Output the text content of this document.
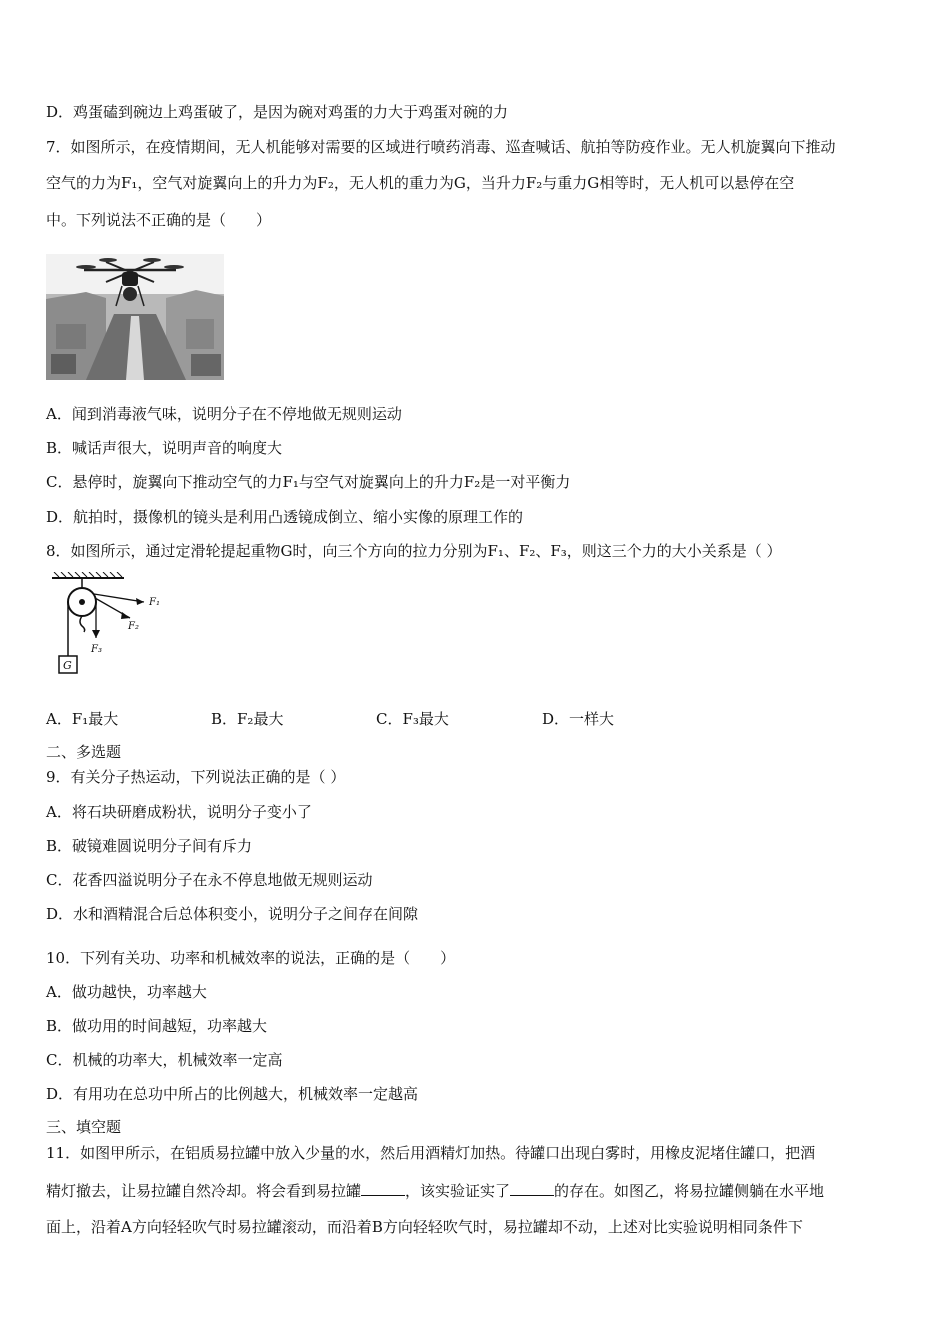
D．鸡蛋磕到碗边上鸡蛋破了，是因为碗对鸡蛋的力大于鸡蛋对碗的力
7．如图所示，在疫情期间，无人机能够对需要的区域进行喷药消毒、巡查喊话、航拍等防疫作业。无人机旋翼向下推动
空气的力为F₁，空气对旋翼向上的升力为F₂，无人机的重力为G，当升力F₂与重力G相等时，无人机可以悬停在空
中。下列说法不正确的是（　　）
A．闻到消毒液气味，说明分子在不停地做无规则运动
B．喊话声很大，说明声音的响度大
C．悬停时，旋翼向下推动空气的力F₁与空气对旋翼向上的升力F₂是一对平衡力
D．航拍时，摄像机的镜头是利用凸透镜成倒立、缩小实像的原理工作的
8．如图所示，通过定滑轮提起重物G时，向三个方向的拉力分别为F₁、F₂、F₃，则这三个力的大小关系是（ ）
G
F₁
F₂
F₃
A．F₁最大	B．F₂最大	C．F₃最大	D．一样大
二、多选题
9．有关分子热运动，下列说法正确的是（ ）
A．将石块研磨成粉状，说明分子变小了
B．破镜难圆说明分子间有斥力
C．花香四溢说明分子在永不停息地做无规则运动
D．水和酒精混合后总体积变小，说明分子之间存在间隙
10．下列有关功、功率和机械效率的说法，正确的是（　　）
A．做功越快，功率越大
B．做功用的时间越短，功率越大
C．机械的功率大，机械效率一定高
D．有用功在总功中所占的比例越大，机械效率一定越高
三、填空题
11．如图甲所示，在铝质易拉罐中放入少量的水，然后用酒精灯加热。待罐口出现白雾时，用橡皮泥堵住罐口，把酒
精灯撤去，让易拉罐自然冷却。将会看到易拉罐	，该实验证实了	的存在。如图乙，将易拉罐侧躺在水平地
面上，沿着A方向轻轻吹气时易拉罐滚动，而沿着B方向轻轻吹气时，易拉罐却不动，上述对比实验说明相同条件下
